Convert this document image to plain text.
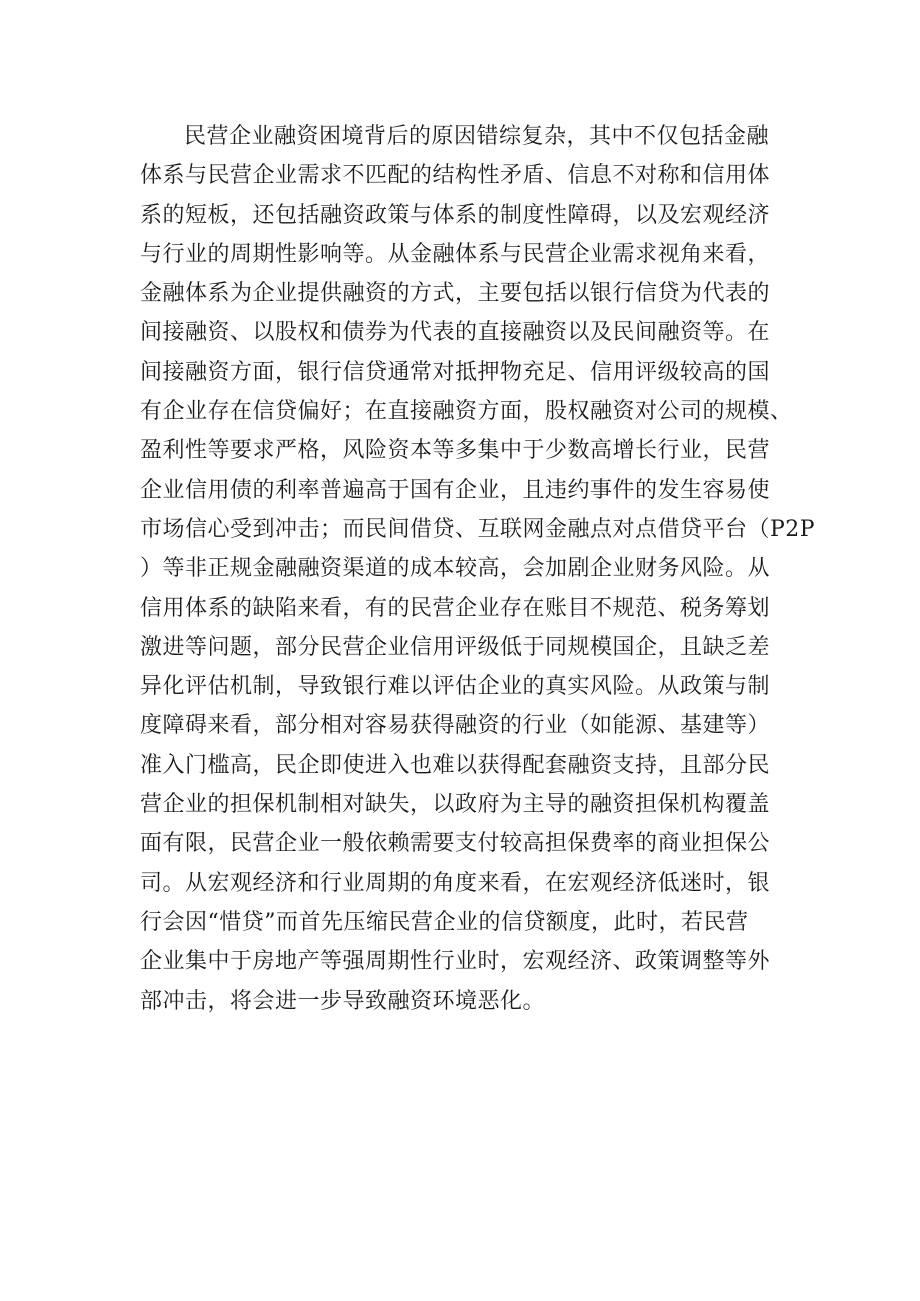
民营企业融资困境背后的原因错综复杂，其中不仅包括金融
体系与民营企业需求不匹配的结构性矛盾、信息不对称和信用体
系的短板，还包括融资政策与体系的制度性障碍，以及宏观经济
与行业的周期性影响等。从金融体系与民营企业需求视角来看，
金融体系为企业提供融资的方式，主要包括以银行信贷为代表的
间接融资、以股权和债券为代表的直接融资以及民间融资等。在
间接融资方面，银行信贷通常对抵押物充足、信用评级较高的国
有企业存在信贷偏好；在直接融资方面，股权融资对公司的规模、
盈利性等要求严格，风险资本等多集中于少数高增长行业，民营
企业信用债的利率普遍高于国有企业，且违约事件的发生容易使
市场信心受到冲击；而民间借贷、互联网金融点对点借贷平台（P2P
）等非正规金融融资渠道的成本较高，会加剧企业财务风险。从
信用体系的缺陷来看，有的民营企业存在账目不规范、税务筹划
激进等问题，部分民营企业信用评级低于同规模国企，且缺乏差
异化评估机制，导致银行难以评估企业的真实风险。从政策与制
度障碍来看，部分相对容易获得融资的行业（如能源、基建等）
准入门槛高，民企即使进入也难以获得配套融资支持，且部分民
营企业的担保机制相对缺失，以政府为主导的融资担保机构覆盖
面有限，民营企业一般依赖需要支付较高担保费率的商业担保公
司。从宏观经济和行业周期的角度来看，在宏观经济低迷时，银
行会因“惜贷”而首先压缩民营企业的信贷额度，此时，若民营
企业集中于房地产等强周期性行业时，宏观经济、政策调整等外
部冲击，将会进一步导致融资环境恶化。
